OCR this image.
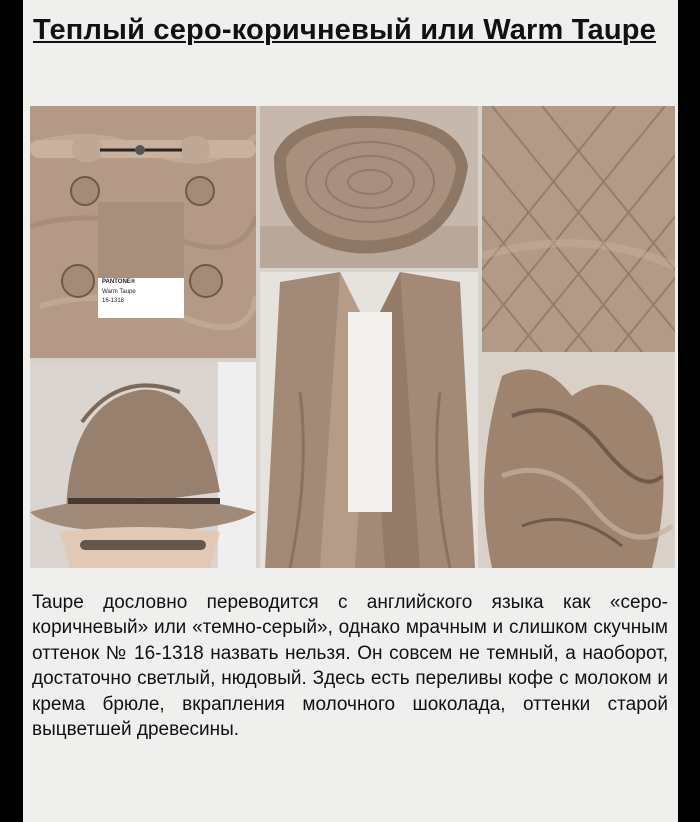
Теплый серо-коричневый или Warm Taupe
PANTONE®
Warm Taupe
16-1318

Taupe дословно переводится с английского языка как «серо-коричневый» или «темно-серый», однако мрачным и слишком скучным оттенок № 16-1318 назвать нельзя. Он совсем не темный, а наоборот, достаточно светлый, нюдовый. Здесь есть переливы кофе с молоком и крема брюле, вкрапления молочного шоколада, оттенки старой выцветшей древесины.
